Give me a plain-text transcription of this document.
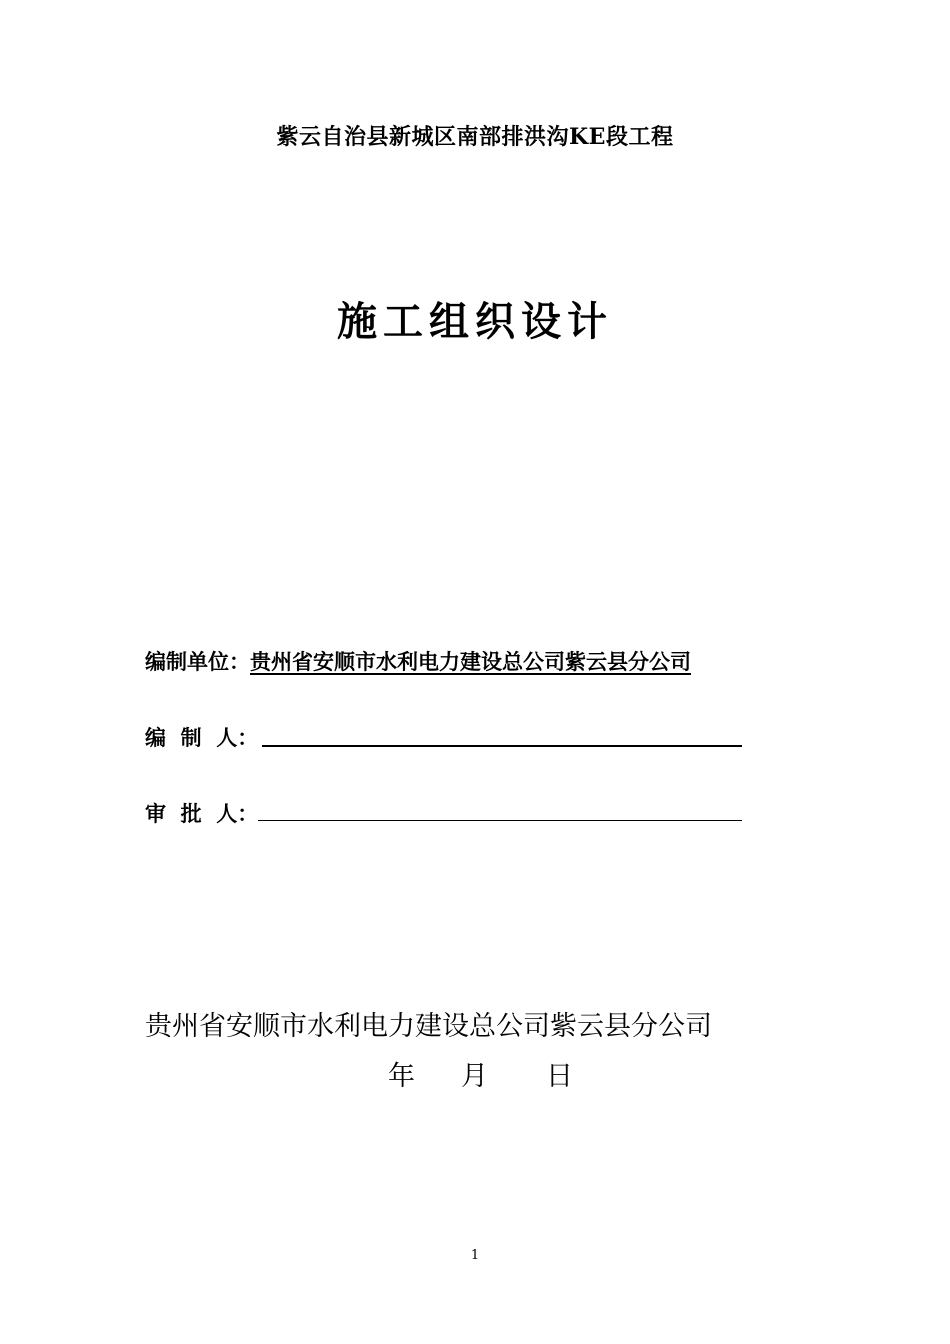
紫云自治县新城区南部排洪沟KE段工程
施工组织设计
编制单位：贵州省安顺市水利电力建设总公司紫云县分公司
编  制  人：
审  批  人：
贵州省安顺市水利电力建设总公司紫云县分公司
年 月 日
1
